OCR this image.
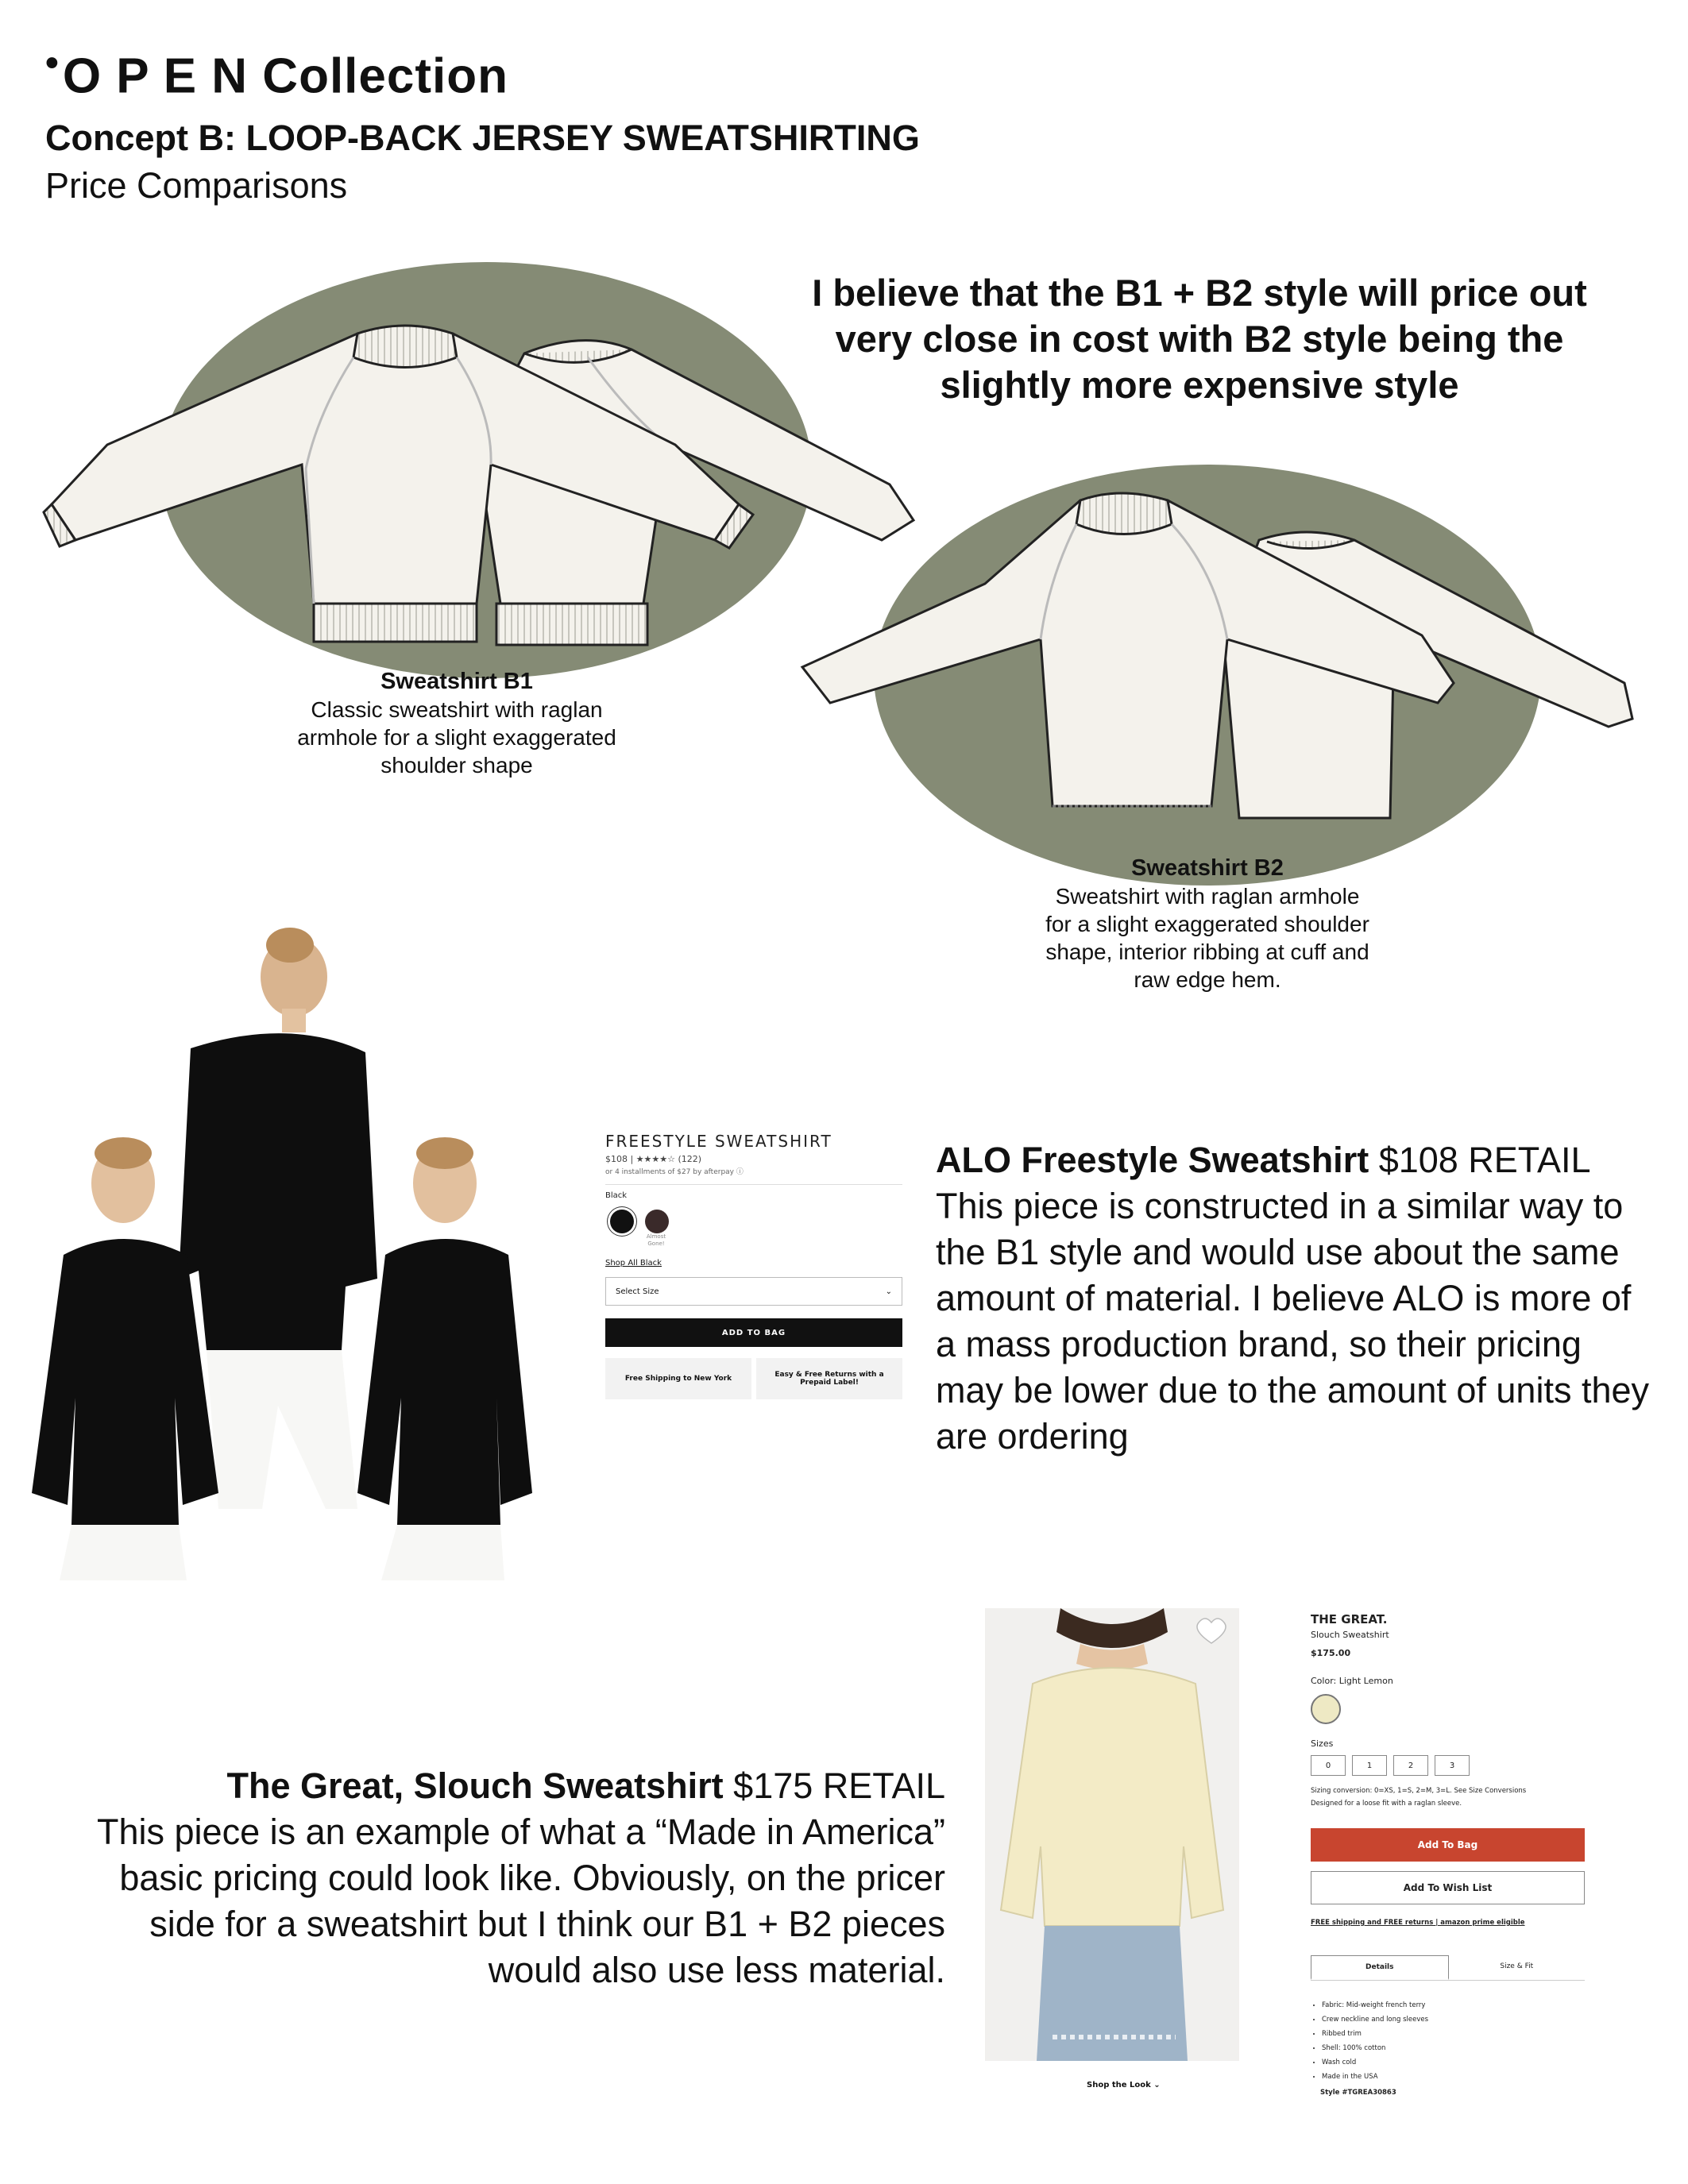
•O P E N Collection
Concept B: LOOP-BACK JERSEY SWEATSHIRTING
Price Comparisons
I believe that the B1 + B2 style will price out very close in cost with B2 style being the slightly more expensive style
Sweatshirt B1
Classic sweatshirt with raglan armhole for a slight exaggerated shoulder shape
Sweatshirt B2
Sweatshirt with raglan armhole for a slight exaggerated shoulder shape, interior ribbing at cuff and raw edge hem.
FREESTYLE SWEATSHIRT
$108 | ★★★★☆ (122)
or 4 installments of $27 by afterpay ⓘ
Black
Almost Gone!
Shop All Black
Select Size	⌄
ADD TO BAG
Free Shipping to New York	Easy & Free Returns with a Prepaid Label!
ALO Freestyle Sweatshirt $108 RETAIL
This piece is constructed in a similar way to the B1 style and would use about the same amount of material. I believe ALO is more of a mass production brand, so their pricing may be lower due to the amount of units they are ordering
The Great, Slouch Sweatshirt $175 RETAIL
This piece is an example of what a “Made in America” basic pricing could look like. Obviously, on the pricer side for a sweatshirt but I think our B1 + B2 pieces would also use less material.
Shop the Look ⌄
THE GREAT.
Slouch Sweatshirt
$175.00
Color: Light Lemon
Sizes
0	1	2	3
Sizing conversion: 0=XS, 1=S, 2=M, 3=L. See Size Conversions
Designed for a loose fit with a raglan sleeve.
Add To Bag
Add To Wish List
FREE shipping and FREE returns | amazon prime eligible
Details	Size & Fit
• Fabric: Mid-weight french terry
• Crew neckline and long sleeves
• Ribbed trim
• Shell: 100% cotton
• Wash cold
• Made in the USA
Style #TGREA30863
